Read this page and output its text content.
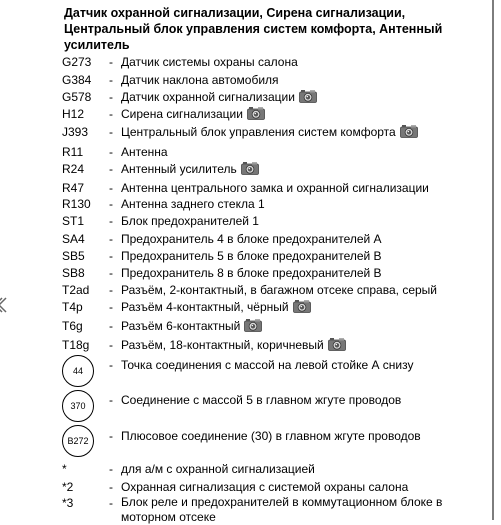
Датчик охранной сигнализации, Сирена сигнализации, Центральный блок управления систем комфорта, Антенный усилитель
G273	- Датчик системы охраны салона
G384	- Датчик наклона автомобиля
G578	- Датчик охранной сигнализации
H12	- Сирена сигнализации
J393	- Центральный блок управления систем комфорта
R11	- Антенна
R24	- Антенный усилитель
R47	- Антенна центрального замка и охранной сигнализации
R130	- Антенна заднего стекла 1
ST1	- Блок предохранителей 1
SA4	- Предохранитель 4 в блоке предохранителей A
SB5	- Предохранитель 5 в блоке предохранителей B
SB8	- Предохранитель 8 в блоке предохранителей B
T2ad	- Разъём, 2-контактный, в багажном отсеке справа, серый
T4p	- Разъём 4-контактный, чёрный
T6g	- Разъём 6-контактный
T18g	- Разъём, 18-контактный, коричневый
44 - Точка соединения с массой на левой стойке А снизу
370 - Соединение с массой 5 в главном жгуте проводов
B272 - Плюсовое соединение (30) в главном жгуте проводов
*	- для а/м с охранной сигнализацией
*2	- Охранная сигнализация с системой охраны салона
*3	- Блок реле и предохранителей в коммутационном блоке в моторном отсеке
